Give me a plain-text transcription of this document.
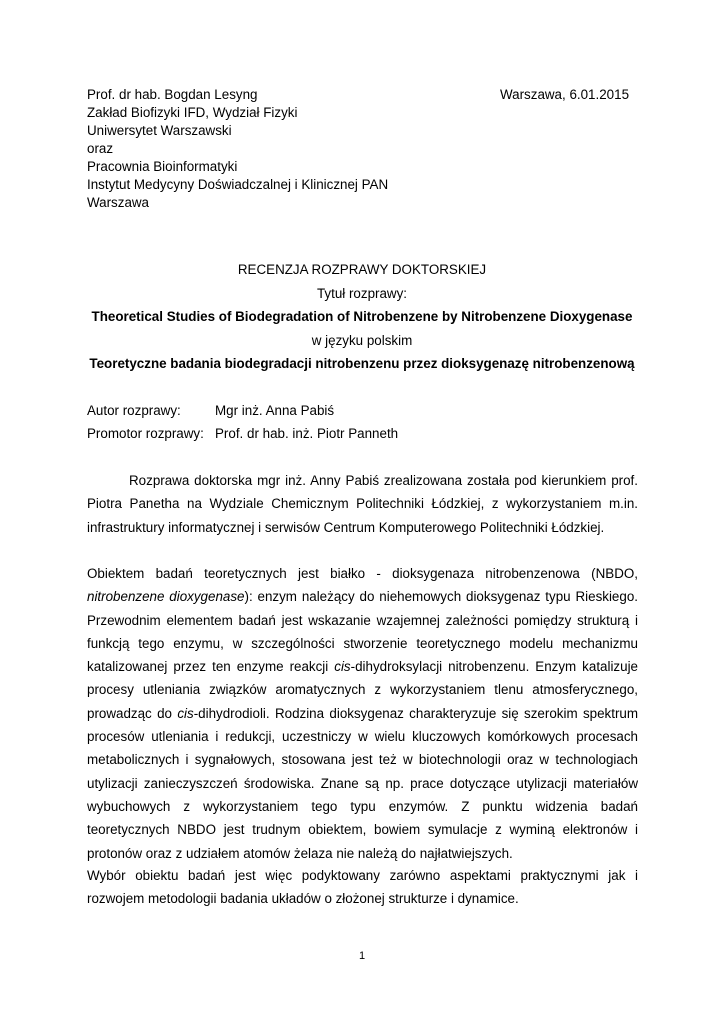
Prof. dr hab. Bogdan Lesyng
Zakład Biofizyki IFD, Wydział Fizyki
Uniwersytet Warszawski
oraz
Pracownia Bioinformatyki
Instytut Medycyny Doświadczalnej i Klinicznej PAN
Warszawa
Warszawa, 6.01.2015
RECENZJA ROZPRAWY DOKTORSKIEJ
Tytuł rozprawy:
Theoretical Studies of Biodegradation of Nitrobenzene by Nitrobenzene Dioxygenase
w języku polskim
Teoretyczne badania biodegradacji nitrobenzenu przez dioksygenazę nitrobenzenową
Autor rozprawy:	Mgr inż. Anna Pabiś
Promotor rozprawy: Prof. dr hab. inż. Piotr Panneth
Rozprawa doktorska mgr inż. Anny Pabiś zrealizowana została pod kierunkiem prof. Piotra Panetha na Wydziale Chemicznym Politechniki Łódzkiej, z wykorzystaniem m.in. infrastruktury informatycznej i serwisów Centrum Komputerowego Politechniki Łódzkiej.
Obiektem badań teoretycznych jest białko - dioksygenaza nitrobenzenowa (NBDO, nitrobenzene dioxygenase): enzym należący do niehemowych dioksygenaz typu Rieskiego. Przewodnim elementem badań jest wskazanie wzajemnej zależności pomiędzy strukturą i funkcją tego enzymu, w szczególności stworzenie teoretycznego modelu mechanizmu katalizowanej przez ten enzyme reakcji cis-dihydroksylacji nitrobenzenu. Enzym katalizuje procesy utleniania związków aromatycznych z wykorzystaniem tlenu atmosferycznego, prowadząc do cis-dihydrodioli. Rodzina dioksygenaz charakteryzuje się szerokim spektrum procesów utleniania i redukcji, uczestniczy w wielu kluczowych komórkowych procesach metabolicznych i sygnałowych, stosowana jest też w biotechnologii oraz w technologiach utylizacji zanieczyszczeń środowiska. Znane są np. prace dotyczące utylizacji materiałów wybuchowych z wykorzystaniem tego typu enzymów. Z punktu widzenia badań teoretycznych NBDO jest trudnym obiektem, bowiem symulacje z wyminą elektronów i protonów oraz z udziałem atomów żelaza nie należą do najłatwiejszych.
Wybór obiektu badań jest więc podyktowany zarówno aspektami praktycznymi jak i rozwojem metodologii badania układów o złożonej strukturze i dynamice.
1
